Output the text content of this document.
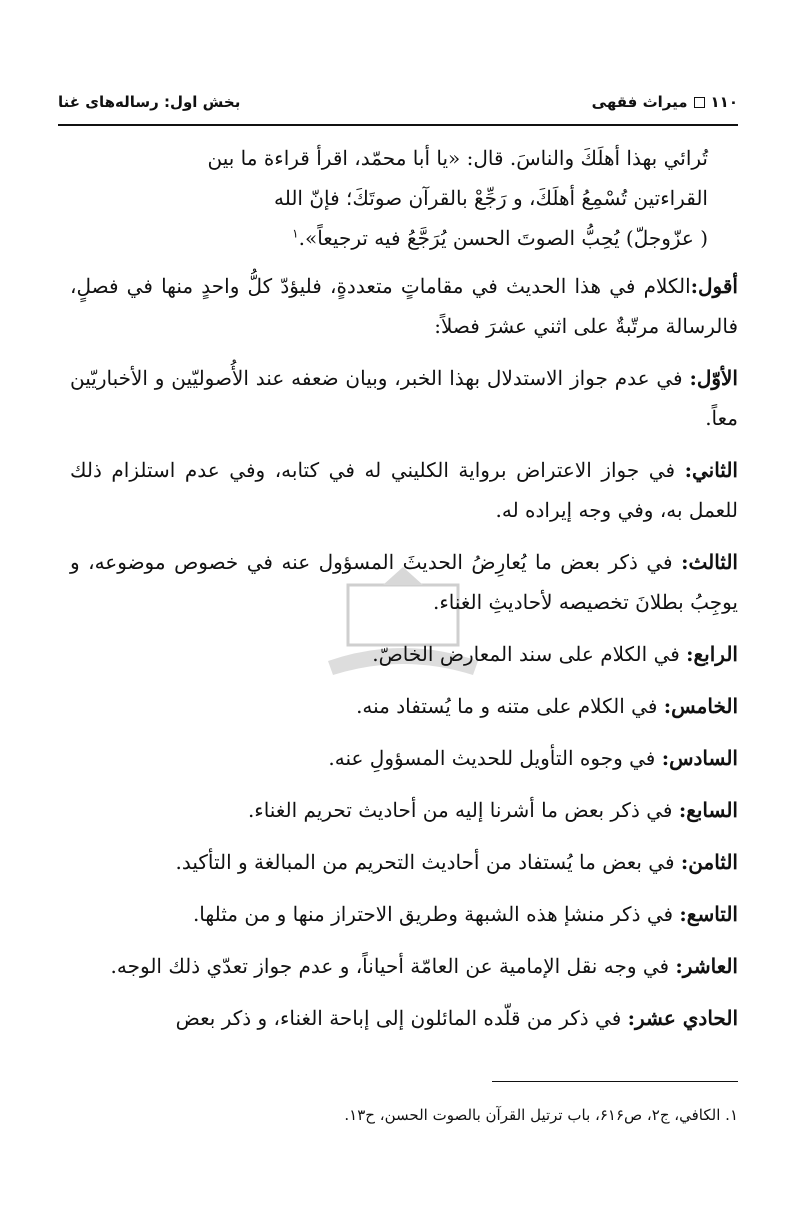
۱۱۰
میراث فقهی
بخش اول: رساله‌های غنا
تُرائي بهذا أهلَكَ والناسَ. قال: «يا أبا محمّد، اقرأ قراءة ما بين
القراءتين تُسْمِعُ أهلَكَ، و رَجِّعْ بالقرآن صوتَكَ؛ فإنّ الله
( عزّوجلّ) يُحِبُّ الصوتَ الحسن يُرَجَّعُ فيه ترجيعاً».$^۱$

أقول:الكلام في هذا الحديث في مقاماتٍ متعددةٍ، فليؤدّ كلُّ واحدٍ منها في فصلٍ، فالرسالة مرتّبةٌ على اثني عشرَ فصلاً:

الأوّل: في عدم جواز الاستدلال بهذا الخبر، وبيان ضعفه عند الأُصوليّين و الأخباريّين معاً.

الثاني: في جواز الاعتراض برواية الكليني له في كتابه، وفي عدم استلزام ذلك للعمل به، وفي وجه إيراده له.

الثالث: في ذكر بعض ما يُعارِضُ الحديثَ المسؤول عنه في خصوص موضوعه، و يوجِبُ بطلانَ تخصيصه لأحاديثِ الغناء.

الرابع: في الكلام على سند المعارض الخاصّ.

الخامس: في الكلام على متنه و ما يُستفاد منه.

السادس: في وجوه التأويل للحديث المسؤولِ عنه.

السابع: في ذكر بعض ما أشرنا إليه من أحاديث تحريم الغناء.

الثامن: في بعض ما يُستفاد من أحاديث التحريم من المبالغة و التأكيد.

التاسع: في ذكر منشإ هذه الشبهة وطريق الاحتراز منها و من مثلها.

العاشر: في وجه نقل الإمامية عن العامّة أحياناً، و عدم جواز تعدّي ذلك الوجه.

الحادي عشر: في ذكر من قلّده المائلون إلى إباحة الغناء، و ذكر بعض

۱. الكافي، ج۲، ص۶۱۶، باب ترتيل القرآن بالصوت الحسن، ح۱۳.
